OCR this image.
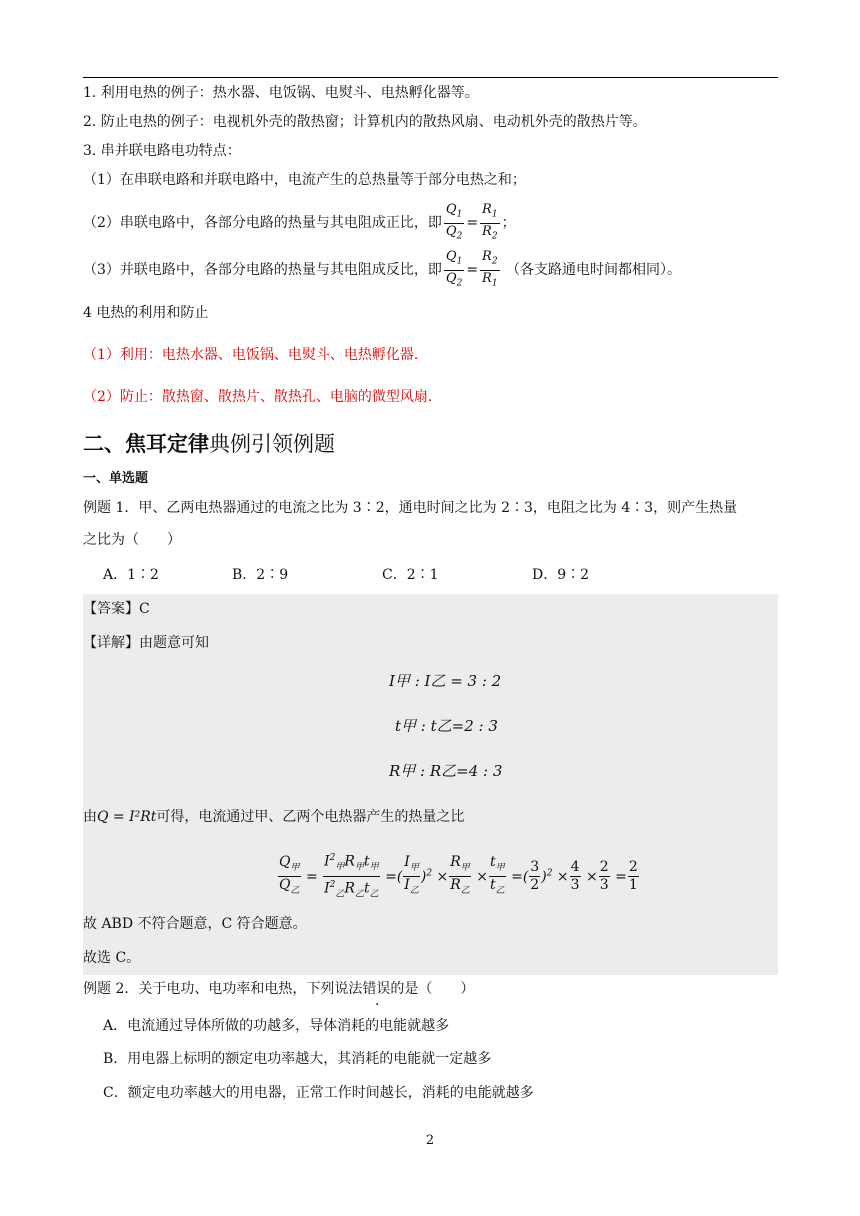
1. 利用电热的例子：热水器、电饭锅、电熨斗、电热孵化器等。
2. 防止电热的例子：电视机外壳的散热窗；计算机内的散热风扇、电动机外壳的散热片等。
3. 串并联电路电功特点：
（1）在串联电路和并联电路中，电流产生的总热量等于部分电热之和；
（2）串联电路中，各部分电路的热量与其电阻成正比，即 $\frac{Q_1}{Q_2} = \frac{R_1}{R_2}$ ；
（3）并联电路中，各部分电路的热量与其电阻成反比，即 $\frac{Q_1}{Q_2} = \frac{R_2}{R_1}$ （各支路通电时间都相同）。
4 电热的利用和防止
（1）利用：电热水器、电饭锅、电熨斗、电热孵化器.
（2）防止：散热窗、散热片、散热孔、电脑的微型风扇.
二、焦耳定律典例引领例题
一、单选题
例题 1．甲、乙两电热器通过的电流之比为 3∶2，通电时间之比为 2∶3，电阻之比为 4∶3，则产生热量
之比为（　　）
A．1∶2	B．2∶9	C．2∶1	D．9∶2
【答案】C
【详解】由题意可知
I甲 : I乙 = 3 : 2
t甲 : t乙=2 : 3
R甲 : R乙=4 : 3
由Q = I²Rt可得，电流通过甲、乙两个电热器产生的热量之比
$\frac{Q_甲}{Q_乙} = \frac{I^2_甲R_甲t_甲}{I^2_乙R_乙t_乙}$ =( $\frac{I_甲}{I_乙} )^2 \times \frac{R_甲}{R_乙} \times \frac{t_甲}{t_乙}$ =( $\frac{3}{2} )^2 \times \frac{4}{3} \times \frac{2}{3} = \frac{2}{1}$
故 ABD 不符合题意，C 符合题意。
故选 C。
例题 2．关于电功、电功率和电热，下列说法错误的是（　　）
A．电流通过导体所做的功越多，导体消耗的电能就越多
B．用电器上标明的额定电功率越大，其消耗的电能就一定越多
C．额定电功率越大的用电器，正常工作时间越长，消耗的电能就越多
2
